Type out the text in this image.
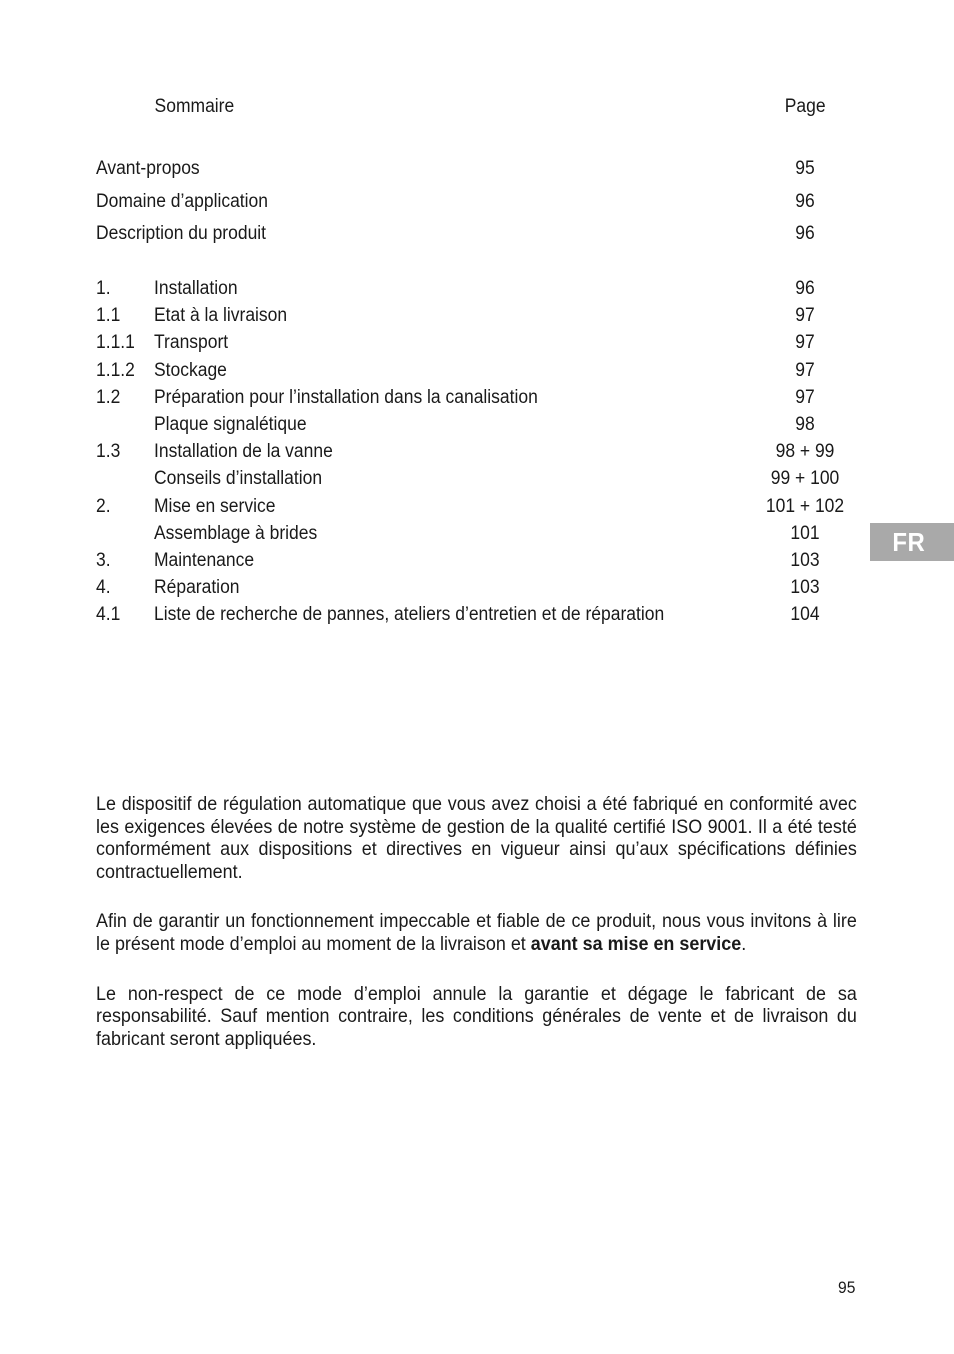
Sommaire	Page
Avant-propos	95
Domaine d’application	96
Description du produit	96
1. Installation	96
1.1 Etat à la livraison	97
1.1.1 Transport	97
1.1.2 Stockage	97
1.2 Préparation pour l’installation dans la canalisation	97
Plaque signalétique	98
1.3 Installation de la vanne	98 + 99
Conseils d’installation	99 + 100
2. Mise en service	101 + 102
Assemblage à brides	101
3. Maintenance	103
4. Réparation	103
4.1 Liste de recherche de pannes, ateliers d’entretien et de réparation	104
FR

Le dispositif de régulation automatique que vous avez choisi a été fabriqué en conformité avec les exigences élevées de notre système de gestion de la qualité certifié ISO 9001. Il a été testé conformément aux dispositions et directives en vigueur ainsi qu’aux spécifications définies contractuellement.

Afin de garantir un fonctionnement impeccable et fiable de ce produit, nous vous invitons à lire le présent mode d’emploi au moment de la livraison et avant sa mise en service.

Le non-respect de ce mode d’emploi annule la garantie et dégage le fabricant de sa responsabilité. Sauf mention contraire, les conditions générales de vente et de livraison du fabricant seront appliquées.

95
